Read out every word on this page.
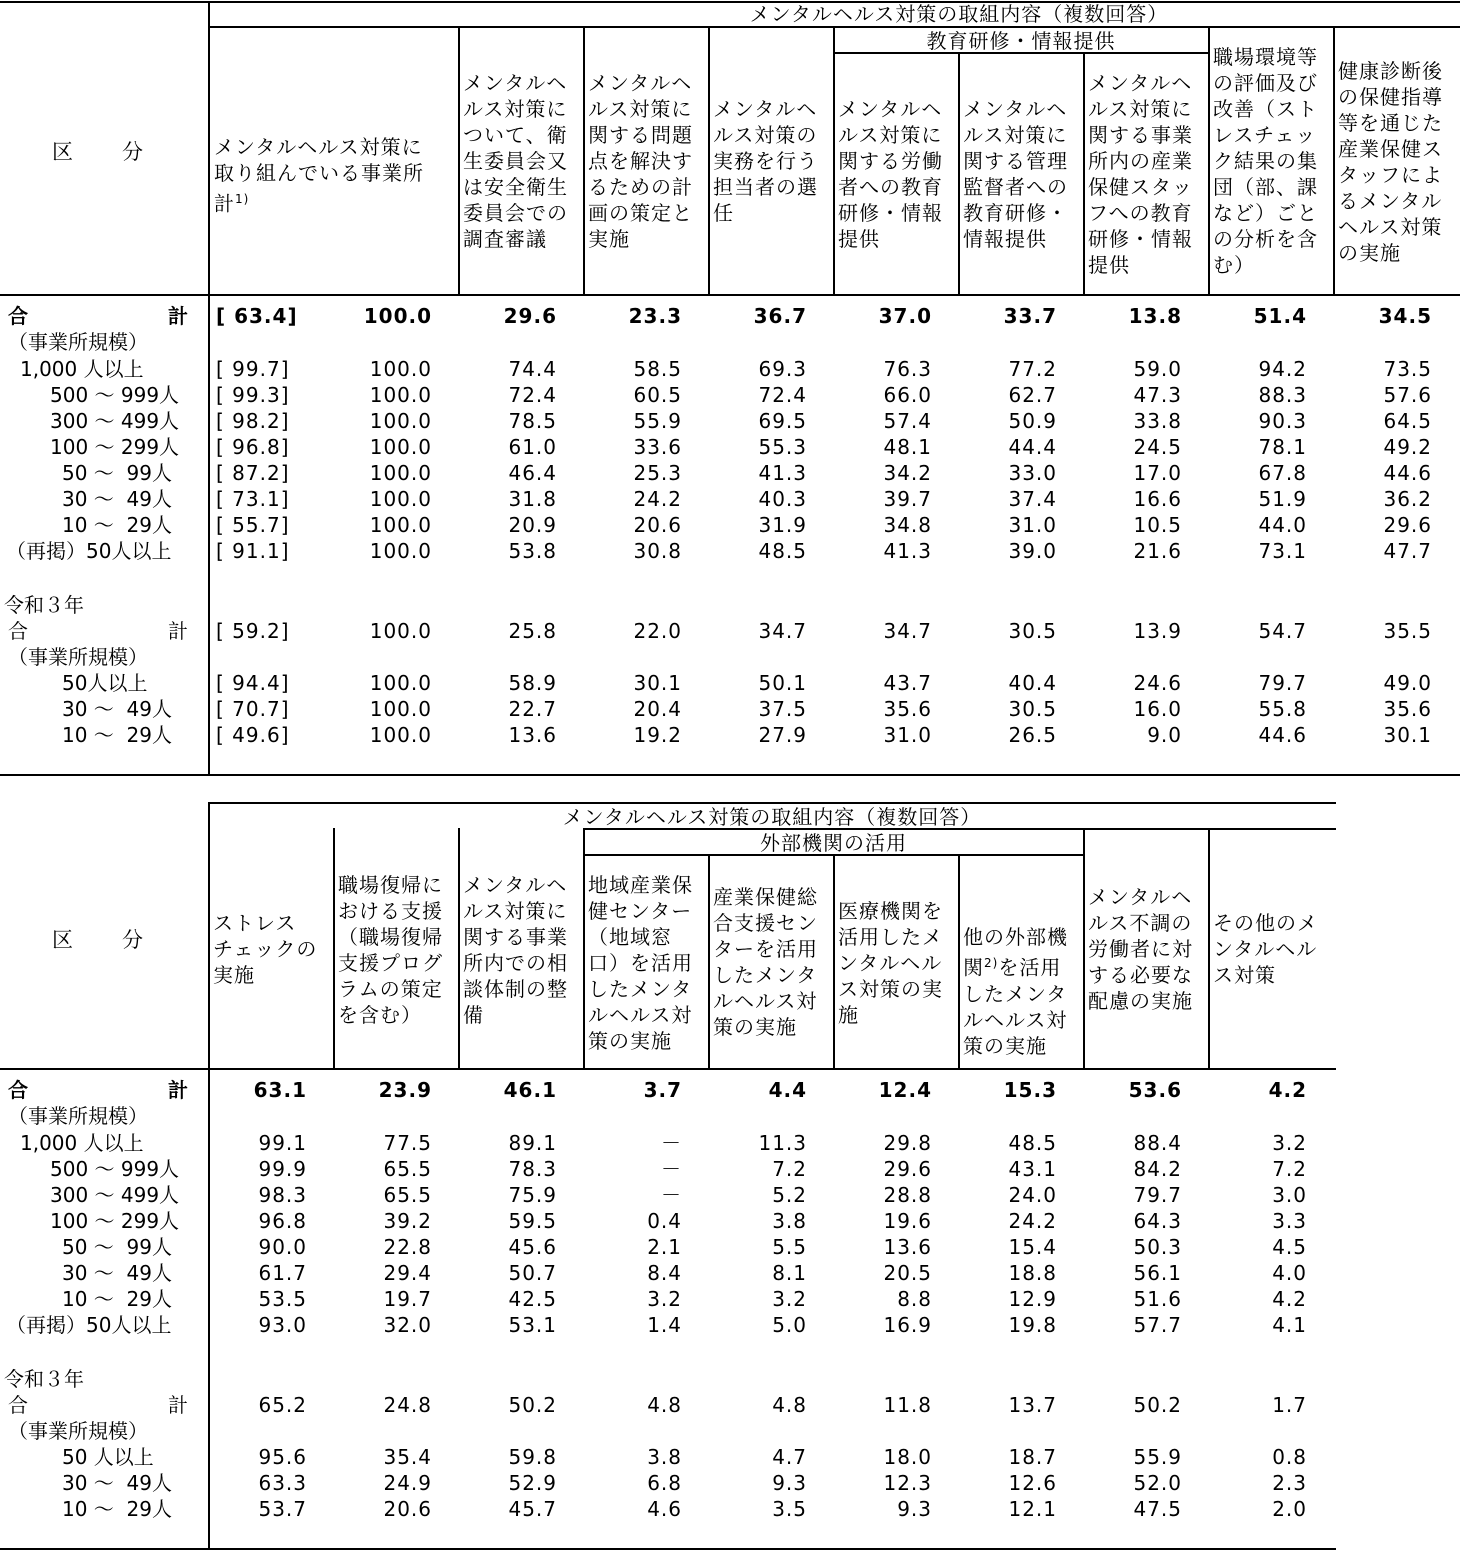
区 分
メンタルヘルス対策の取組内容（複数回答）
教育研修・情報提供

メンタルヘルス対策に
取り組んでいる事業所
計$^{1)}$

メンタルヘ
ルス対策に
ついて、衛
生委員会又
は安全衛生
委員会での
調査審議
メンタルヘ
ルス対策に
関する問題
点を解決す
るための計
画の策定と
実施
メンタルヘ
ルス対策の
実務を行う
担当者の選
任
メンタルヘ
ルス対策に
関する労働
者への教育
研修・情報
提供
メンタルヘ
ルス対策に
関する管理
監督者への
教育研修・
情報提供
メンタルヘ
ルス対策に
関する事業
所内の産業
保健スタッ
フへの教育
研修・情報
提供
職場環境等
の評価及び
改善（スト
レスチェッ
ク結果の集
団（部、課
など）ごと
の分析を含
む）
健康診断後
の保健指導
等を通じた
産業保健ス
タッフによ
るメンタル
ヘルス対策
の実施
（事業所規模）
令和３年
（事業所規模）
合	計 [ 63.4]	100.0	29.6	23.3	36.7	37.0	33.7	13.8	51.4	34.5
1,000 人以上	[ 99.7]	100.0	74.4	58.5	69.3	76.3	77.2	59.0	94.2	73.5
500 ～ 999人 [ 99.3]	100.0	72.4	60.5	72.4	66.0	62.7	47.3	88.3	57.6
300 ～ 499人 [ 98.2]	100.0	78.5	55.9	69.5	57.4	50.9	33.8	90.3	64.5
100 ～ 299人 [ 96.8]	100.0	61.0	33.6	55.3	48.1	44.4	24.5	78.1	49.2
50 ～  99人 [ 87.2]	100.0	46.4	25.3	41.3	34.2	33.0	17.0	67.8	44.6
30 ～  49人 [ 73.1]	100.0	31.8	24.2	40.3	39.7	37.4	16.6	51.9	36.2
10 ～  29人 [ 55.7]	100.0	20.9	20.6	31.9	34.8	31.0	10.5	44.0	29.6
（再掲）50人以上 [ 91.1]	100.0	53.8	30.8	48.5	41.3	39.0	21.6	73.1	47.7
合	計 [ 59.2]	100.0	25.8	22.0	34.7	34.7	30.5	13.9	54.7	35.5
50人以上	[ 94.4]	100.0	58.9	30.1	50.1	43.7	40.4	24.6	79.7	49.0
30 ～  49人 [ 70.7]	100.0	22.7	20.4	37.5	35.6	30.5	16.0	55.8	35.6
10 ～  29人 [ 49.6]	100.0	13.6	19.2	27.9	31.0	26.5	9.0	44.6	30.1
区 分
メンタルヘルス対策の取組内容（複数回答）
外部機関の活用
ストレス
チェックの
実施
職場復帰に
おける支援
（職場復帰
支援プログ
ラムの策定
を含む）
メンタルヘ
ルス対策に
関する事業
所内での相
談体制の整
備
地域産業保
健センター
（地域窓
口）を活用
したメンタ
ルヘルス対
策の実施
産業保健総
合支援セン
ターを活用
したメンタ
ルヘルス対
策の実施
医療機関を
活用したメ
ンタルヘル
ス対策の実
施

他の外部機
関$^{2)}$を活用
したメンタ
ルヘルス対
策の実施

メンタルヘ
ルス不調の
労働者に対
する必要な
配慮の実施
その他のメ
ンタルヘル
ス対策
（事業所規模）
令和３年
（事業所規模）
合	計	63.1	23.9	46.1	3.7	4.4	12.4	15.3	53.6	4.2
1,000 人以上	99.1	77.5	89.1	－	11.3	29.8	48.5	88.4	3.2
500 ～ 999人	99.9	65.5	78.3	－	7.2	29.6	43.1	84.2	7.2
300 ～ 499人	98.3	65.5	75.9	－	5.2	28.8	24.0	79.7	3.0
100 ～ 299人	96.8	39.2	59.5	0.4	3.8	19.6	24.2	64.3	3.3
50 ～  99人	90.0	22.8	45.6	2.1	5.5	13.6	15.4	50.3	4.5
30 ～  49人	61.7	29.4	50.7	8.4	8.1	20.5	18.8	56.1	4.0
10 ～  29人	53.5	19.7	42.5	3.2	3.2	8.8	12.9	51.6	4.2
（再掲）50人以上	93.0	32.0	53.1	1.4	5.0	16.9	19.8	57.7	4.1
合	計	65.2	24.8	50.2	4.8	4.8	11.8	13.7	50.2	1.7
50 人以上	95.6	35.4	59.8	3.8	4.7	18.0	18.7	55.9	0.8
30 ～  49人	63.3	24.9	52.9	6.8	9.3	12.3	12.6	52.0	2.3
10 ～  29人	53.7	20.6	45.7	4.6	3.5	9.3	12.1	47.5	2.0
